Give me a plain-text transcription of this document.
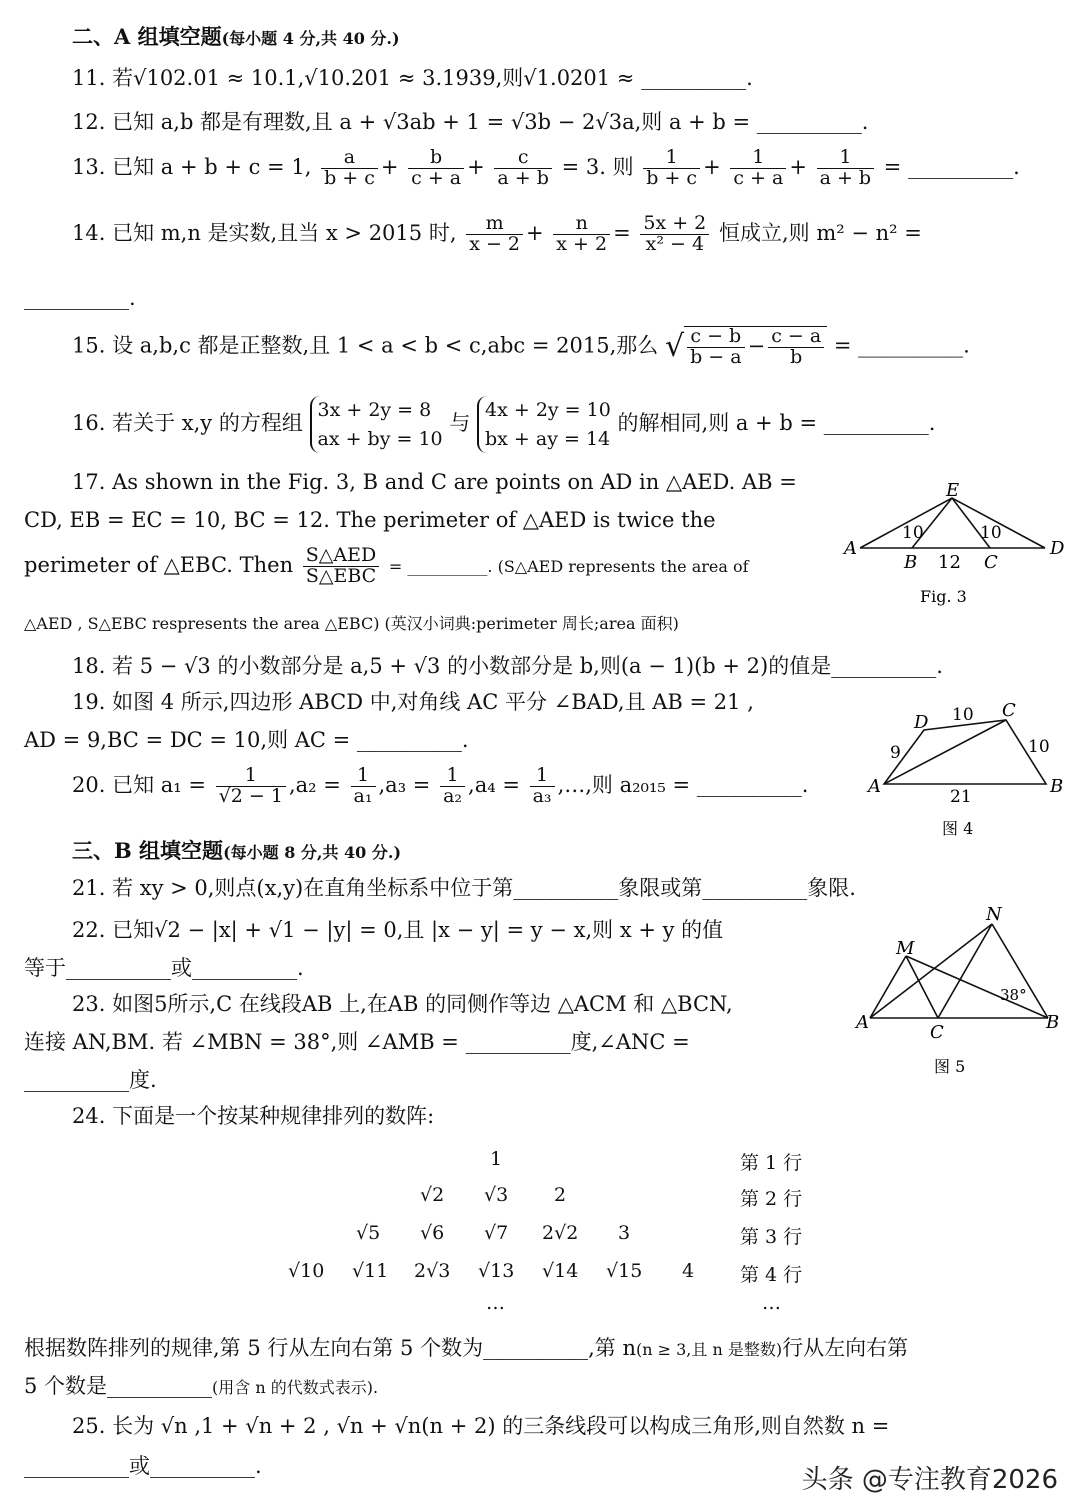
二、A 组填空题(每小题 4 分,共 40 分.)
11. 若√102.01 ≈ 10.1,√10.201 ≈ 3.1939,则√1.0201 ≈ __________.
12. 已知 a,b 都是有理数,且 a + √3ab + 1 = √3b − 2√3a,则 a + b = __________.
13. 已知 a + b + c = 1, $\frac{a}{b + c} + \frac{b}{c + a} + \frac{c}{a + b} = 3$. 则 $\frac{1}{b + c} + \frac{1}{c + a} + \frac{1}{a + b}$ = __________.
14. 已知 m,n 是实数,且当 x > 2015 时, $\frac{m}{x - 2} + \frac{n}{x + 2} = \frac{5x + 2}{\text{x² − 4}}$ 恒成立,则 m² − n² =
__________.
15. 设 a,b,c 都是正整数,且 1 < a < b < c,abc = 2015,那么 √ $\frac{c - b}{b - a} - \frac{c - a}{b}$ = __________.
16. 若关于 x,y 的方程组
3x + 2y = 8
ax + by = 10
与
4x + 2y = 10
bx + ay = 14
的解相同,则 a + b = __________.
17. As shown in the Fig. 3, B and C are points on AD in △AED. AB =
CD, EB = EC = 10, BC = 12. The perimeter of △AED is twice the
perimeter of △EBC. Then $\frac{\text{S△AED}}{\text{S△EBC}}$ = __________. (S△AED represents the area of
△AED , S△EBC respresents the area △EBC) (英汉小词典:perimeter 周长;area 面积)
E
A
B	C
D
10	10
12
Fig. 3
18. 若 5 − √3 的小数部分是 a,5 + √3 的小数部分是 b,则(a − 1)(b + 2)的值是__________.
19. 如图 4 所示,四边形 ABCD 中,对角线 AC 平分 ∠BAD,且 AB = 21 ,
AD = 9,BC = DC = 10,则 AC = __________.
A	B
C
D 10
9	10
21
图 4
20. 已知 $a_1 = \frac{1}{√2 - 1} ,a_2 = \frac{1}{\text{a₁}} ,a_3 = \frac{1}{\text{a₂}} ,a_4 = \frac{1}{\text{a₃}}$ ,…,则 a₂₀₁₅ = __________.
三、B 组填空题(每小题 8 分,共 40 分.)
21. 若 xy > 0,则点(x,y)在直角坐标系中位于第__________象限或第__________象限.
22. 已知√2 − |x| + √1 − |y| = 0,且 |x − y| = y − x,则 x + y 的值
等于__________或__________.
N
M
A	C	B
38°
图 5
23. 如图5所示,C 在线段AB 上,在AB 的同侧作等边 △ACM 和 △BCN,
连接 AN,BM. 若 ∠MBN = 38°,则 ∠AMB = __________度,∠ANC =
__________度.
24. 下面是一个按某种规律排列的数阵:
1	第 1 行
√2 √3 2	第 2 行
√5 √6 √7 2√2 3	第 3 行
√10 √11 2√3 √13 √14 √15 4 第 4 行
…	…
根据数阵排列的规律,第 5 行从左向右第 5 个数为__________,第 n(n ≥ 3,且 n 是整数)行从左向右第
5 个数是__________(用含 n 的代数式表示).
25. 长为 √n ,1 + √n + 2 , √n + √n(n + 2) 的三条线段可以构成三角形,则自然数 n =
__________或__________.	头条 @专注教育2026
